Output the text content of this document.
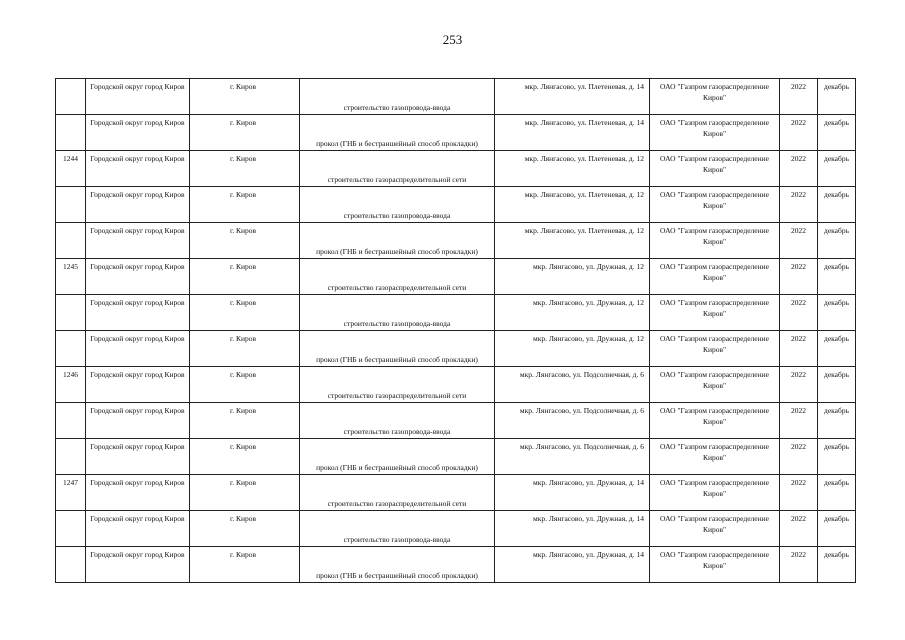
253
	Городской округ город Киров	г. Киров	строительство газопровода-ввода	мкр. Лянгасово, ул. Плетеневая, д. 14	ОАО "Газпром газораспределение Киров"	2022	декабрь
	Городской округ город Киров	г. Киров	прокол (ГНБ и бестраншейный способ прокладки)	мкр. Лянгасово, ул. Плетеневая, д. 14	ОАО "Газпром газораспределение Киров"	2022	декабрь
1244	Городской округ город Киров	г. Киров	строительство газораспределительной сети	мкр. Лянгасово, ул. Плетеневая, д. 12	ОАО "Газпром газораспределение Киров"	2022	декабрь
	Городской округ город Киров	г. Киров	строительство газопровода-ввода	мкр. Лянгасово, ул. Плетеневая, д. 12	ОАО "Газпром газораспределение Киров"	2022	декабрь
	Городской округ город Киров	г. Киров	прокол (ГНБ и бестраншейный способ прокладки)	мкр. Лянгасово, ул. Плетеневая, д. 12	ОАО "Газпром газораспределение Киров"	2022	декабрь
1245	Городской округ город Киров	г. Киров	строительство газораспределительной сети	мкр. Лянгасово, ул. Дружная, д. 12	ОАО "Газпром газораспределение Киров"	2022	декабрь
	Городской округ город Киров	г. Киров	строительство газопровода-ввода	мкр. Лянгасово, ул. Дружная, д. 12	ОАО "Газпром газораспределение Киров"	2022	декабрь
	Городской округ город Киров	г. Киров	прокол (ГНБ и бестраншейный способ прокладки)	мкр. Лянгасово, ул. Дружная, д. 12	ОАО "Газпром газораспределение Киров"	2022	декабрь
1246	Городской округ город Киров	г. Киров	строительство газораспределительной сети	мкр. Лянгасово, ул. Подсолнечная, д. 6	ОАО "Газпром газораспределение Киров"	2022	декабрь
	Городской округ город Киров	г. Киров	строительство газопровода-ввода	мкр. Лянгасово, ул. Подсолнечная, д. 6	ОАО "Газпром газораспределение Киров"	2022	декабрь
	Городской округ город Киров	г. Киров	прокол (ГНБ и бестраншейный способ прокладки)	мкр. Лянгасово, ул. Подсолнечная, д. 6	ОАО "Газпром газораспределение Киров"	2022	декабрь
1247	Городской округ город Киров	г. Киров	строительство газораспределительной сети	мкр. Лянгасово, ул. Дружная, д. 14	ОАО "Газпром газораспределение Киров"	2022	декабрь
	Городской округ город Киров	г. Киров	строительство газопровода-ввода	мкр. Лянгасово, ул. Дружная, д. 14	ОАО "Газпром газораспределение Киров"	2022	декабрь
	Городской округ город Киров	г. Киров	прокол (ГНБ и бестраншейный способ прокладки)	мкр. Лянгасово, ул. Дружная, д. 14	ОАО "Газпром газораспределение Киров"	2022	декабрь
